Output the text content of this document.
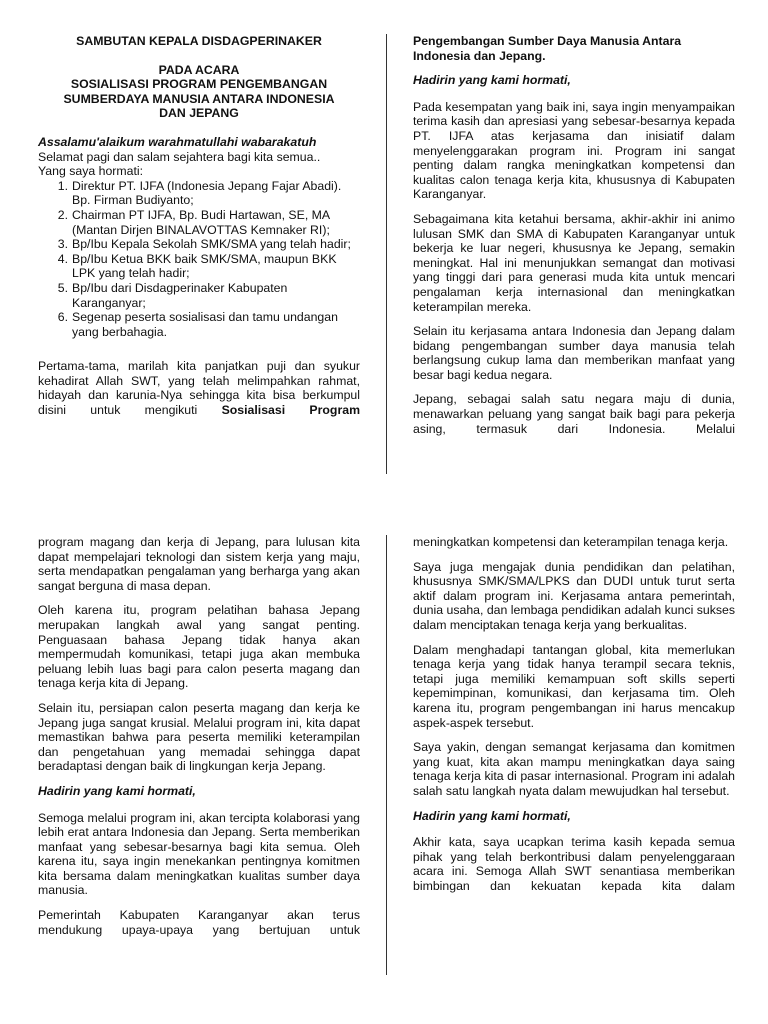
SAMBUTAN KEPALA DISDAGPERINAKER
PADA ACARA
SOSIALISASI PROGRAM PENGEMBANGAN
SUMBERDAYA MANUSIA ANTARA INDONESIA
DAN JEPANG
Assalamu'alaikum warahmatullahi wabarakatuh
Selamat pagi dan salam sejahtera bagi kita semua..
Yang saya hormati:
1. Direktur PT. IJFA (Indonesia Jepang Fajar Abadi). Bp. Firman Budiyanto;
2. Chairman PT IJFA, Bp. Budi Hartawan, SE, MA (Mantan Dirjen BINALAVOTTAS Kemnaker RI);
3. Bp/Ibu Kepala Sekolah SMK/SMA yang telah hadir;
4. Bp/Ibu Ketua BKK baik SMK/SMA, maupun BKK LPK yang telah hadir;
5. Bp/Ibu dari Disdagperinaker Kabupaten Karanganyar;
6. Segenap peserta sosialisasi dan tamu undangan yang berbahagia.

Pertama-tama, marilah kita panjatkan puji dan syukur kehadirat Allah SWT, yang telah melimpahkan rahmat, hidayah dan karunia-Nya sehingga kita bisa berkumpul disini untuk mengikuti Sosialisasi Program

Pengembangan Sumber Daya Manusia Antara Indonesia dan Jepang.

Hadirin yang kami hormati,

Pada kesempatan yang baik ini, saya ingin menyampaikan terima kasih dan apresiasi yang sebesar-besarnya kepada PT. IJFA atas kerjasama dan inisiatif dalam menyelenggarakan program ini. Program ini sangat penting dalam rangka meningkatkan kompetensi dan kualitas calon tenaga kerja kita, khususnya di Kabupaten Karanganyar.

Sebagaimana kita ketahui bersama, akhir-akhir ini animo lulusan SMK dan SMA di Kabupaten Karanganyar untuk bekerja ke luar negeri, khususnya ke Jepang, semakin meningkat. Hal ini menunjukkan semangat dan motivasi yang tinggi dari para generasi muda kita untuk mencari pengalaman kerja internasional dan meningkatkan keterampilan mereka.

Selain itu kerjasama antara Indonesia dan Jepang dalam bidang pengembangan sumber daya manusia telah berlangsung cukup lama dan memberikan manfaat yang besar bagi kedua negara.

Jepang, sebagai salah satu negara maju di dunia, menawarkan peluang yang sangat baik bagi para pekerja asing, termasuk dari Indonesia. Melalui

program magang dan kerja di Jepang, para lulusan kita dapat mempelajari teknologi dan sistem kerja yang maju, serta mendapatkan pengalaman yang berharga yang akan sangat berguna di masa depan.

Oleh karena itu, program pelatihan bahasa Jepang merupakan langkah awal yang sangat penting. Penguasaan bahasa Jepang tidak hanya akan mempermudah komunikasi, tetapi juga akan membuka peluang lebih luas bagi para calon peserta magang dan tenaga kerja kita di Jepang.

Selain itu, persiapan calon peserta magang dan kerja ke Jepang juga sangat krusial. Melalui program ini, kita dapat memastikan bahwa para peserta memiliki keterampilan dan pengetahuan yang memadai sehingga dapat beradaptasi dengan baik di lingkungan kerja Jepang.

Hadirin yang kami hormati,

Semoga melalui program ini, akan tercipta kolaborasi yang lebih erat antara Indonesia dan Jepang. Serta memberikan manfaat yang sebesar-besarnya bagi kita semua. Oleh karena itu, saya ingin menekankan pentingnya komitmen kita bersama dalam meningkatkan kualitas sumber daya manusia.

Pemerintah Kabupaten Karanganyar akan terus mendukung upaya-upaya yang bertujuan untuk

meningkatkan kompetensi dan keterampilan tenaga kerja.

Saya juga mengajak dunia pendidikan dan pelatihan, khususnya SMK/SMA/LPKS dan DUDI untuk turut serta aktif dalam program ini. Kerjasama antara pemerintah, dunia usaha, dan lembaga pendidikan adalah kunci sukses dalam menciptakan tenaga kerja yang berkualitas.

Dalam menghadapi tantangan global, kita memerlukan tenaga kerja yang tidak hanya terampil secara teknis, tetapi juga memiliki kemampuan soft skills seperti kepemimpinan, komunikasi, dan kerjasama tim. Oleh karena itu, program pengembangan ini harus mencakup aspek-aspek tersebut.

Saya yakin, dengan semangat kerjasama dan komitmen yang kuat, kita akan mampu meningkatkan daya saing tenaga kerja kita di pasar internasional. Program ini adalah salah satu langkah nyata dalam mewujudkan hal tersebut.

Hadirin yang kami hormati,

Akhir kata, saya ucapkan terima kasih kepada semua pihak yang telah berkontribusi dalam penyelenggaraan acara ini. Semoga Allah SWT senantiasa memberikan bimbingan dan kekuatan kepada kita dalam
